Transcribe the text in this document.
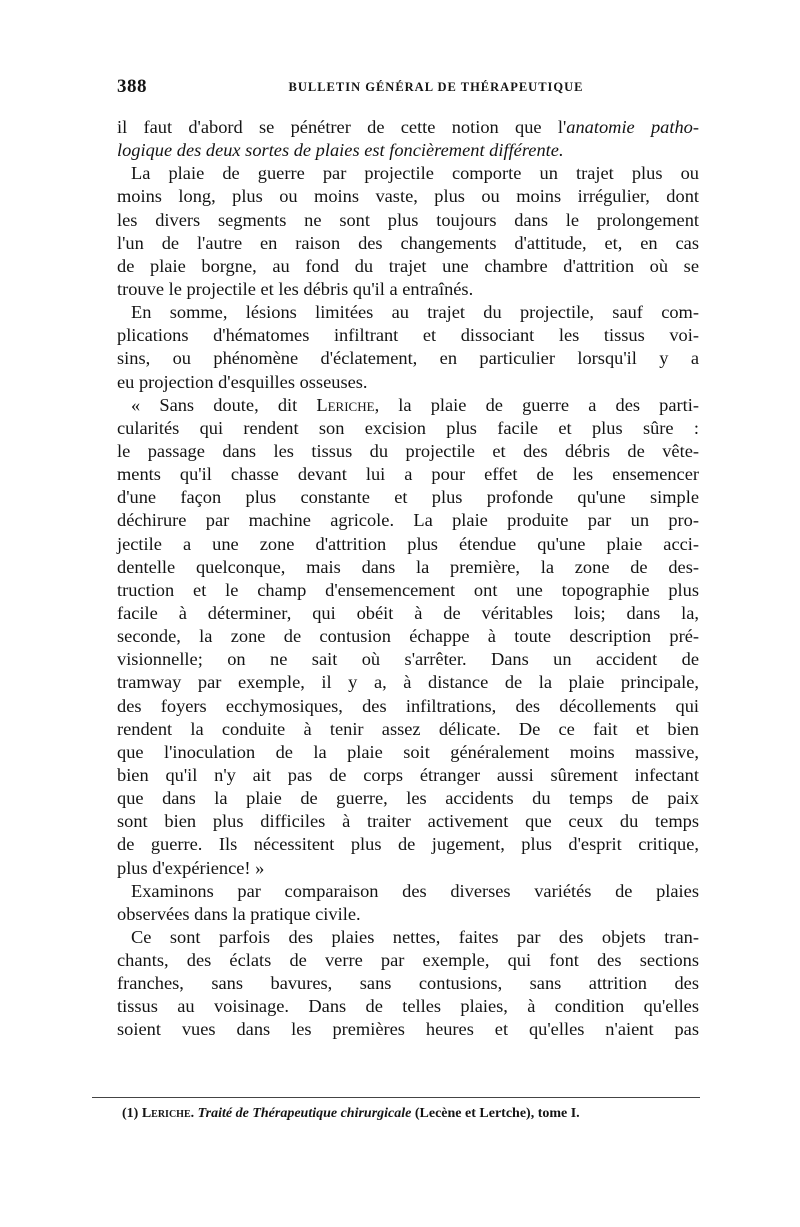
388	BULLETIN GÉNÉRAL DE THÉRAPEUTIQUE
il faut d'abord se pénétrer de cette notion que l'anatomie patho-
logique des deux sortes de plaies est foncièrement différente.
La plaie de guerre par projectile comporte un trajet plus ou
moins long, plus ou moins vaste, plus ou moins irrégulier, dont
les divers segments ne sont plus toujours dans le prolongement
l'un de l'autre en raison des changements d'attitude, et, en cas
de plaie borgne, au fond du trajet une chambre d'attrition où se
trouve le projectile et les débris qu'il a entraînés.
En somme, lésions limitées au trajet du projectile, sauf com-
plications d'hématomes infiltrant et dissociant les tissus voi-
sins, ou phénomène d'éclatement, en particulier lorsqu'il y a
eu projection d'esquilles osseuses.
« Sans doute, dit Leriche, la plaie de guerre a des parti-
cularités qui rendent son excision plus facile et plus sûre :
le passage dans les tissus du projectile et des débris de vête-
ments qu'il chasse devant lui a pour effet de les ensemencer
d'une façon plus constante et plus profonde qu'une simple
déchirure par machine agricole. La plaie produite par un pro-
jectile a une zone d'attrition plus étendue qu'une plaie acci-
dentelle quelconque, mais dans la première, la zone de des-
truction et le champ d'ensemencement ont une topographie plus
facile à déterminer, qui obéit à de véritables lois; dans la,
seconde, la zone de contusion échappe à toute description pré-
visionnelle; on ne sait où s'arrêter. Dans un accident de
tramway par exemple, il y a, à distance de la plaie principale,
des foyers ecchymosiques, des infiltrations, des décollements qui
rendent la conduite à tenir assez délicate. De ce fait et bien
que l'inoculation de la plaie soit généralement moins massive,
bien qu'il n'y ait pas de corps étranger aussi sûrement infectant
que dans la plaie de guerre, les accidents du temps de paix
sont bien plus difficiles à traiter activement que ceux du temps
de guerre. Ils nécessitent plus de jugement, plus d'esprit critique,
plus d'expérience! »
Examinons par comparaison des diverses variétés de plaies
observées dans la pratique civile.
Ce sont parfois des plaies nettes, faites par des objets tran-
chants, des éclats de verre par exemple, qui font des sections
franches, sans bavures, sans contusions, sans attrition des
tissus au voisinage. Dans de telles plaies, à condition qu'elles
soient vues dans les premières heures et qu'elles n'aient pas
(1) Leriche. Traité de Thérapeutique chirurgicale (Lecène et Lertche), tome I.
